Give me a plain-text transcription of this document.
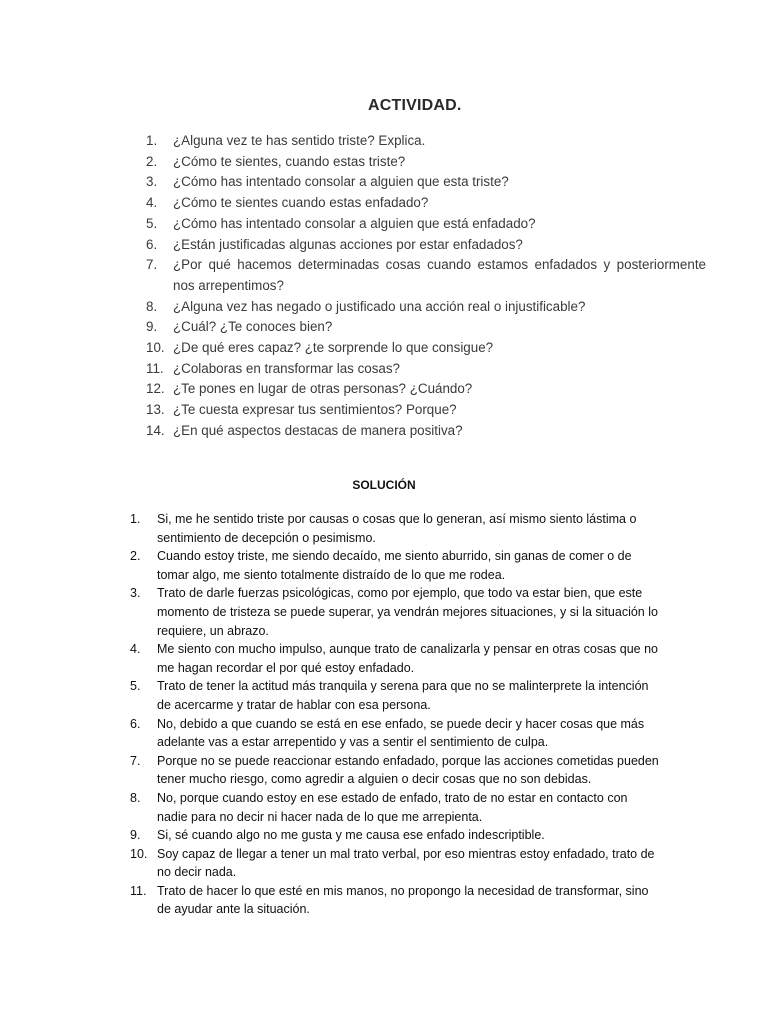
ACTIVIDAD.
1. ¿Alguna vez te has sentido triste? Explica.
2. ¿Cómo te sientes, cuando estas triste?
3. ¿Cómo has intentado consolar a alguien que esta triste?
4. ¿Cómo te sientes cuando estas enfadado?
5. ¿Cómo has intentado consolar a alguien que está enfadado?
6. ¿Están justificadas algunas acciones por estar enfadados?
7. ¿Por qué hacemos determinadas cosas cuando estamos enfadados y posteriormente nos arrepentimos?
8. ¿Alguna vez has negado o justificado una acción real o injustificable?
9. ¿Cuál? ¿Te conoces bien?
10. ¿De qué eres capaz? ¿te sorprende lo que consigue?
11. ¿Colaboras en transformar las cosas?
12. ¿Te pones en lugar de otras personas? ¿Cuándo?
13. ¿Te cuesta expresar tus sentimientos? Porque?
14. ¿En qué aspectos destacas de manera positiva?
SOLUCIÓN
1. Si, me he sentido triste por causas o cosas que lo generan, así mismo siento lástima o sentimiento de decepción o pesimismo.
2. Cuando estoy triste, me siendo decaído, me siento aburrido, sin ganas de comer o de tomar algo, me siento totalmente distraído de lo que me rodea.
3. Trato de darle fuerzas psicológicas, como por ejemplo, que todo va estar bien, que este momento de tristeza se puede superar, ya vendrán mejores situaciones, y si la situación lo requiere, un abrazo.
4. Me siento con mucho impulso, aunque trato de canalizarla y pensar en otras cosas que no me hagan recordar el por qué estoy enfadado.
5. Trato de tener la actitud más tranquila y serena para que no se malinterprete la intención de acercarme y tratar de hablar con esa persona.
6. No, debido a que cuando se está en ese enfado, se puede decir y hacer cosas que más adelante vas a estar arrepentido y vas a sentir el sentimiento de culpa.
7. Porque no se puede reaccionar estando enfadado, porque las acciones cometidas pueden tener mucho riesgo, como agredir a alguien o decir cosas que no son debidas.
8. No, porque cuando estoy en ese estado de enfado, trato de no estar en contacto con nadie para no decir ni hacer nada de lo que me arrepienta.
9. Si, sé cuando algo no me gusta y me causa ese enfado indescriptible.
10. Soy capaz de llegar a tener un mal trato verbal, por eso mientras estoy enfadado, trato de no decir nada.
11. Trato de hacer lo que esté en mis manos, no propongo la necesidad de transformar, sino de ayudar ante la situación.
